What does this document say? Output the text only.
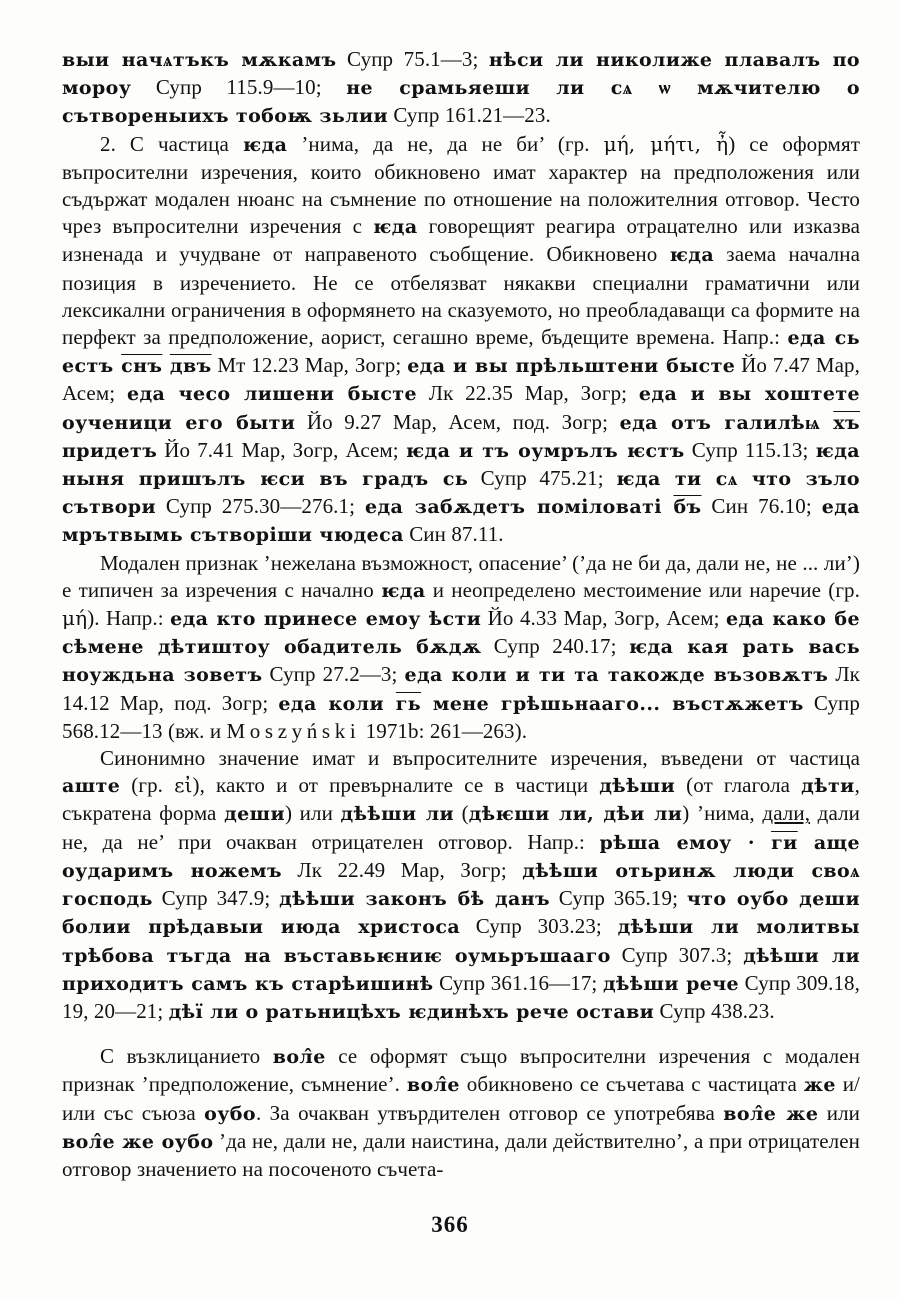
выи начѧтъкъ мѫкамъ Супр 75.1—3; нѣси ли николиже плавалъ по мороу Супр 115.9—10; не срамьяеши ли сѧ ѡ мѫчителю о сътвореныихъ тобоѭ зьлии Супр 161.21—23.

2. С частица ѥда ’нима, да не, да не би’ (гр. μή, μήτι, ἦ) се оформят въпросителни изречения, които обикновено имат характер на предположения или съдържат модален нюанс на съмнение по отношение на положителния отговор. Често чрез въпросителни изречения с ѥда говорещият реагира отрацателно или изказва изненада и учудване от направеното съобщение. Обикновено ѥда заема начална позиция в изречението. Не се отбелязват някакви специални граматични или лексикални ограничения в оформянето на сказуемото, но преобладаващи са формите на перфект за предположение, аорист, сегашно време, бъдещите времена. Напр.: еда сь естъ снъ двъ Мт 12.23 Мар, Зогр; еда и вы прѣльштени бысте Йо 7.47 Мар, Асем; еда чесо лишени бысте Лк 22.35 Мар, Зогр; еда и вы хоштете оученици его быти Йо 9.27 Мар, Асем, под. Зогр; еда отъ галилѣѩ хъ придетъ Йо 7.41 Мар, Зогр, Асем; ѥда и тъ оумрълъ ѥстъ Супр 115.13; ѥда ныня пришълъ ѥси въ градъ сь Супр 475.21; ѥда ти сѧ что зъло сътвори Супр 275.30—276.1; еда забѫдетъ поміловаті бъ Син 76.10; еда мрътвымь сътворіши чюдеса Син 87.11.

Модален признак ’нежелана възможност, опасение’ (’да не би да, дали не, не ... ли’) е типичен за изречения с начално ѥда и неопределено местоимение или наречие (гр. μή). Напр.: еда кто принесе емоу ѣсти Йо 4.33 Мар, Зогр, Асем; еда како бе сѣмене дѣтиштоу обадитель бѫдѫ Супр 240.17; ѥда кая рать вась ноуждьна зоветъ Супр 27.2—3; еда коли и ти та такожде възовѫтъ Лк 14.12 Мар, под. Зогр; еда коли гь мене грѣшьнааго... въстѫжетъ Супр 568.12—13 (вж. и Moszyński 1971b: 261—263).

Синонимно значение имат и въпросителните изречения, въведени от частица аште (гр. εἰ), както и от превърналите се в частици дѣѣши (от глагола дѣти, съкратена форма деши) или дѣѣши ли (дѣѥши ли, дѣи ли) ’нима, дали, дали не, да не’ при очакван отрицателен отговор. Напр.: рѣша емоу · ги аще оударимъ ножемъ Лк 22.49 Мар, Зогр; дѣѣши отьринѫ люди своѧ господь Супр 347.9; дѣѣши законъ бѣ данъ Супр 365.19; что оубо деши болии прѣдавыи июда христоса Супр 303.23; дѣѣши ли молитвы трѣбова тъгда на въставьѥниѥ оумьръшааго Супр 307.3; дѣѣши ли приходитъ самъ къ старѣишинѣ Супр 361.16—17; дѣѣши рече Супр 309.18, 19, 20—21; дѣї ли о ратьницѣхъ ѥдинѣхъ рече остави Супр 438.23.

С възклицанието вол̂е се оформят също въпросителни изречения с модален признак ’предположение, съмнение’. вол̂е обикновено се съчетава с частицата же и/или със съюза оубо. За очакван утвърдителен отговор се употребява вол̂е же или вол̂е же оубо ’да не, дали не, дали наистина, дали действително’, а при отрицателен отговор значението на посоченото съчета-

366
